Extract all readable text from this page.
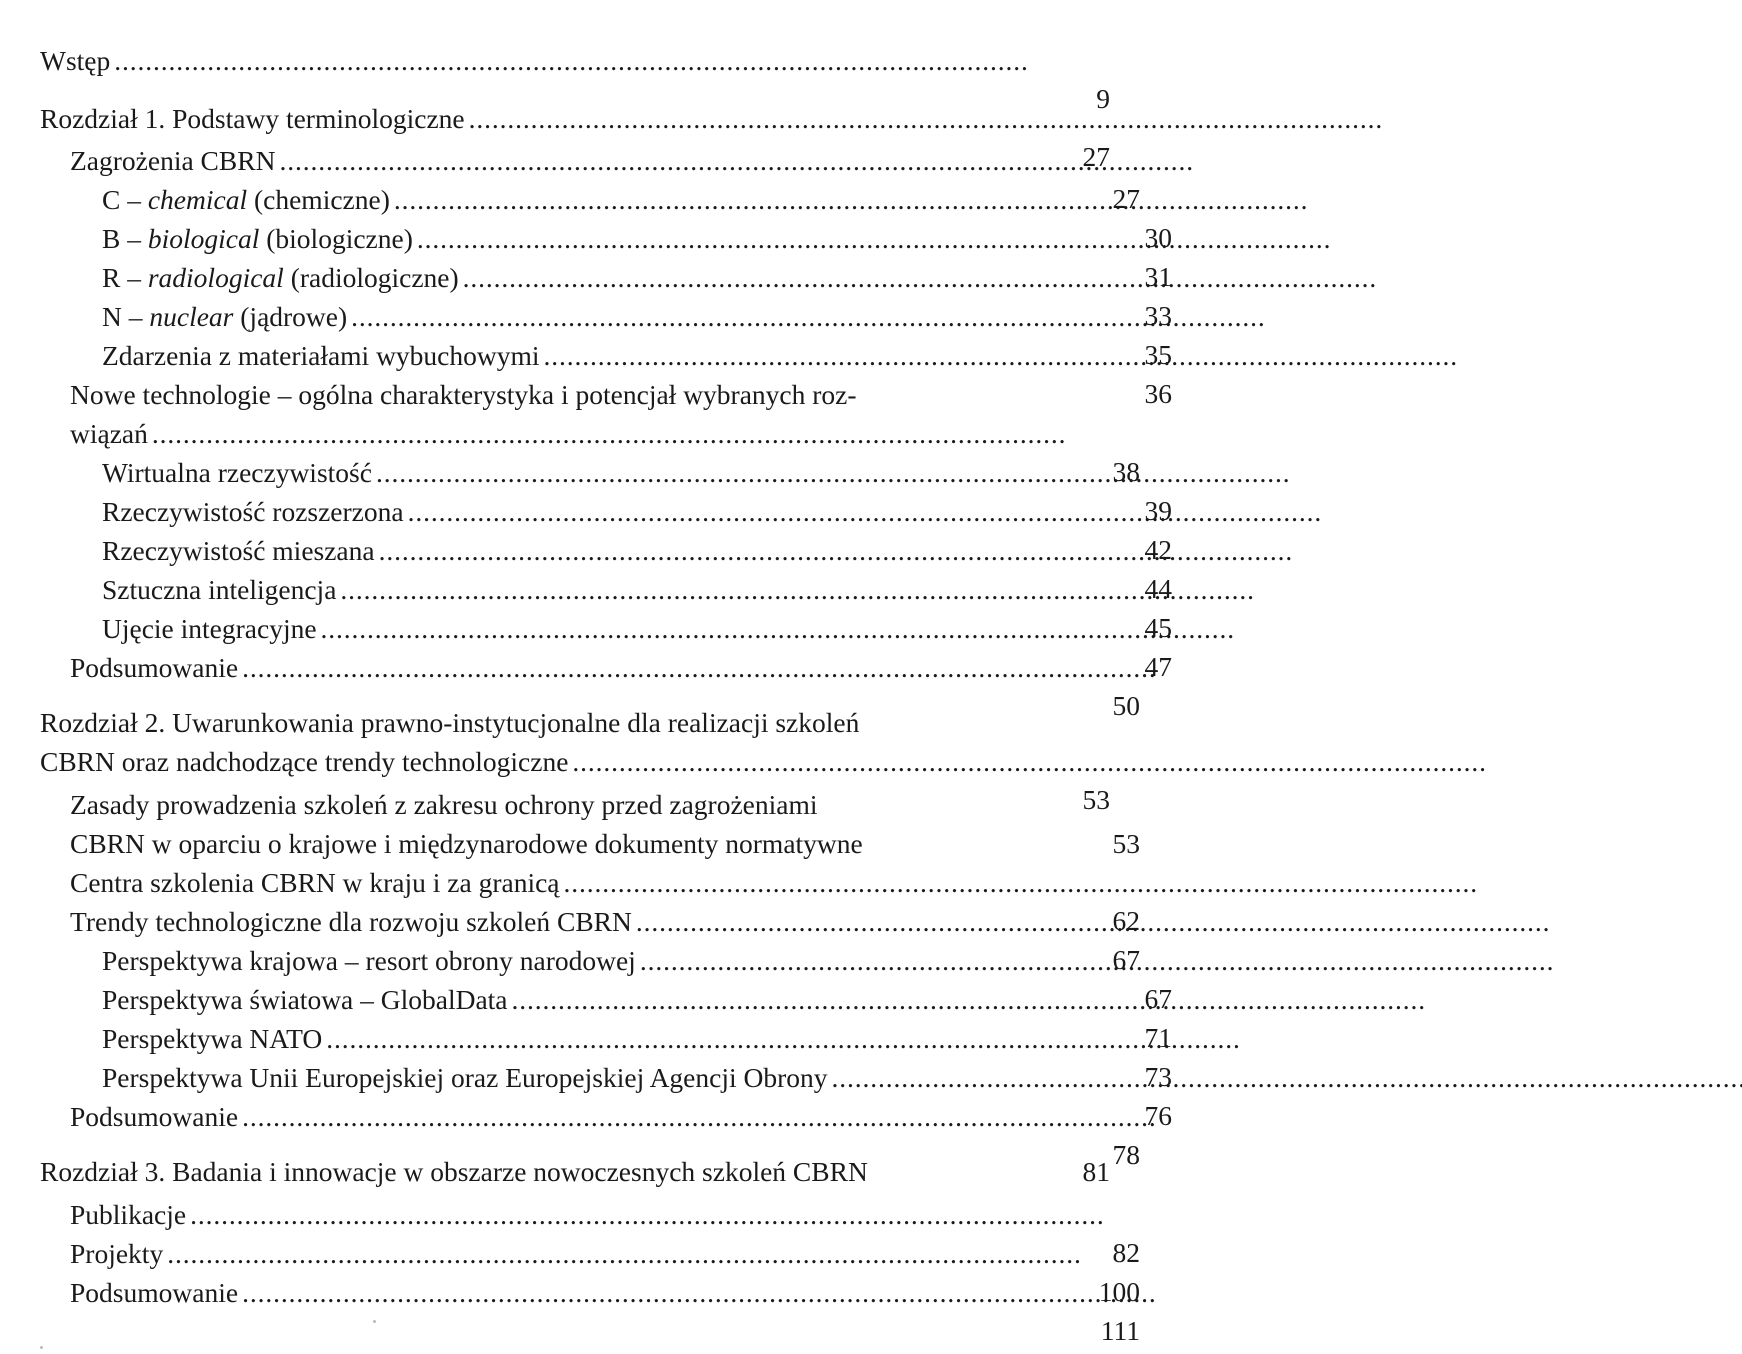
Wstęp
. . .
9
Rozdział 1. Podstawy terminologiczne
. . .
27
Zagrożenia CBRN
. . .
27
C – chemical (chemiczne)
. . .
30
B – biological (biologiczne)
. . .
31
R – radiological (radiologiczne)
. . .
33
N – nuclear (jądrowe)
. . .
35
Zdarzenia z materiałami wybuchowymi
. . .
36
Nowe technologie – ogólna charakterystyka i potencjał wybranych roz-
wiązań
. . .
38
Wirtualna rzeczywistość
. . .
39
Rzeczywistość rozszerzona
. . .
42
Rzeczywistość mieszana
. . .
44
Sztuczna inteligencja
. . .
45
Ujęcie integracyjne
. . .
47
Podsumowanie
. . .
50
Rozdział 2. Uwarunkowania prawno-instytucjonalne dla realizacji szkoleń
CBRN oraz nadchodzące trendy technologiczne
. . .
53
Zasady prowadzenia szkoleń z zakresu ochrony przed zagrożeniami
CBRN w oparciu o krajowe i międzynarodowe dokumenty normatywne	53
Centra szkolenia CBRN w kraju i za granicą
. . .
62
Trendy technologiczne dla rozwoju szkoleń CBRN
. . .
67
Perspektywa krajowa – resort obrony narodowej
. . .
67
Perspektywa światowa – GlobalData
. . .
71
Perspektywa NATO
. . .
73
Perspektywa Unii Europejskiej oraz Europejskiej Agencji Obrony
. . .
76
Podsumowanie
. . .
78
Rozdział 3. Badania i innowacje w obszarze nowoczesnych szkoleń CBRN	81
Publikacje
. . .
82
Projekty
. . .
100
Podsumowanie
. . .
111
